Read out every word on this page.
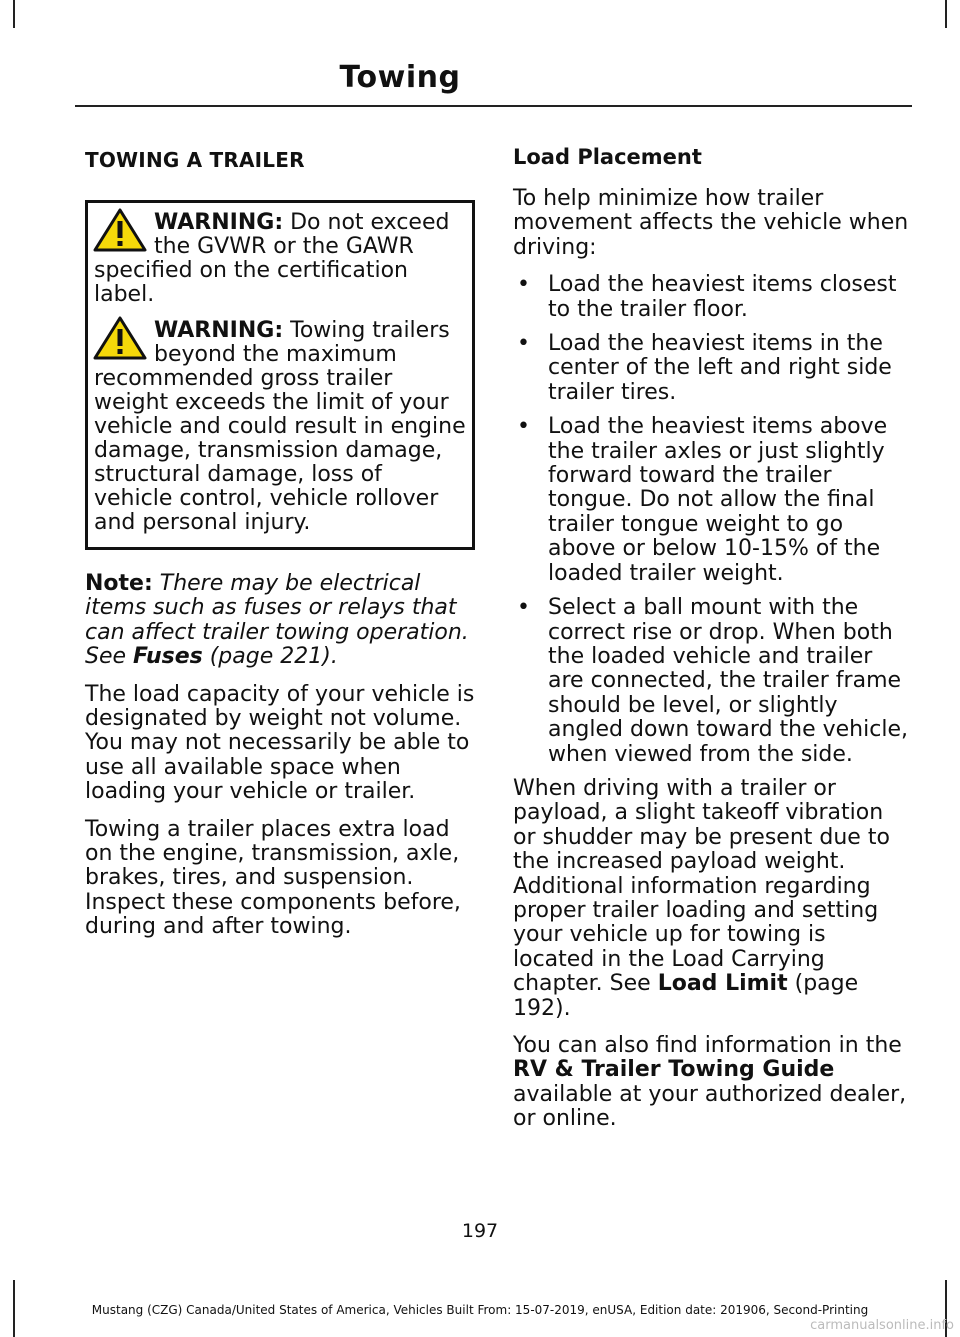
Towing
TOWING A TRAILER
WARNING: Do not exceed the GVWR or the GAWR specified on the certification label.
WARNING: Towing trailers beyond the maximum recommended gross trailer weight exceeds the limit of your vehicle and could result in engine damage, transmission damage, structural damage, loss of vehicle control, vehicle rollover and personal injury.

Note: There may be electrical items such as fuses or relays that can affect trailer towing operation. See Fuses (page 221).

The load capacity of your vehicle is designated by weight not volume. You may not necessarily be able to use all available space when loading your vehicle or trailer.

Towing a trailer places extra load on the engine, transmission, axle, brakes, tires, and suspension. Inspect these components before, during and after towing.

Load Placement

To help minimize how trailer movement affects the vehicle when driving:

• Load the heaviest items closest to the trailer floor.
• Load the heaviest items in the center of the left and right side trailer tires.
• Load the heaviest items above the trailer axles or just slightly forward toward the trailer tongue. Do not allow the final trailer tongue weight to go above or below 10-15% of the loaded trailer weight.
• Select a ball mount with the correct rise or drop. When both the loaded vehicle and trailer are connected, the trailer frame should be level, or slightly angled down toward the vehicle, when viewed from the side.

When driving with a trailer or payload, a slight takeoff vibration or shudder may be present due to the increased payload weight. Additional information regarding proper trailer loading and setting your vehicle up for towing is located in the Load Carrying chapter. See Load Limit (page 192).

You can also find information in the RV & Trailer Towing Guide available at your authorized dealer, or online.

197
Mustang (CZG) Canada/United States of America, Vehicles Built From: 15-07-2019, enUSA, Edition date: 201906, Second-Printing
carmanualsonline.info
